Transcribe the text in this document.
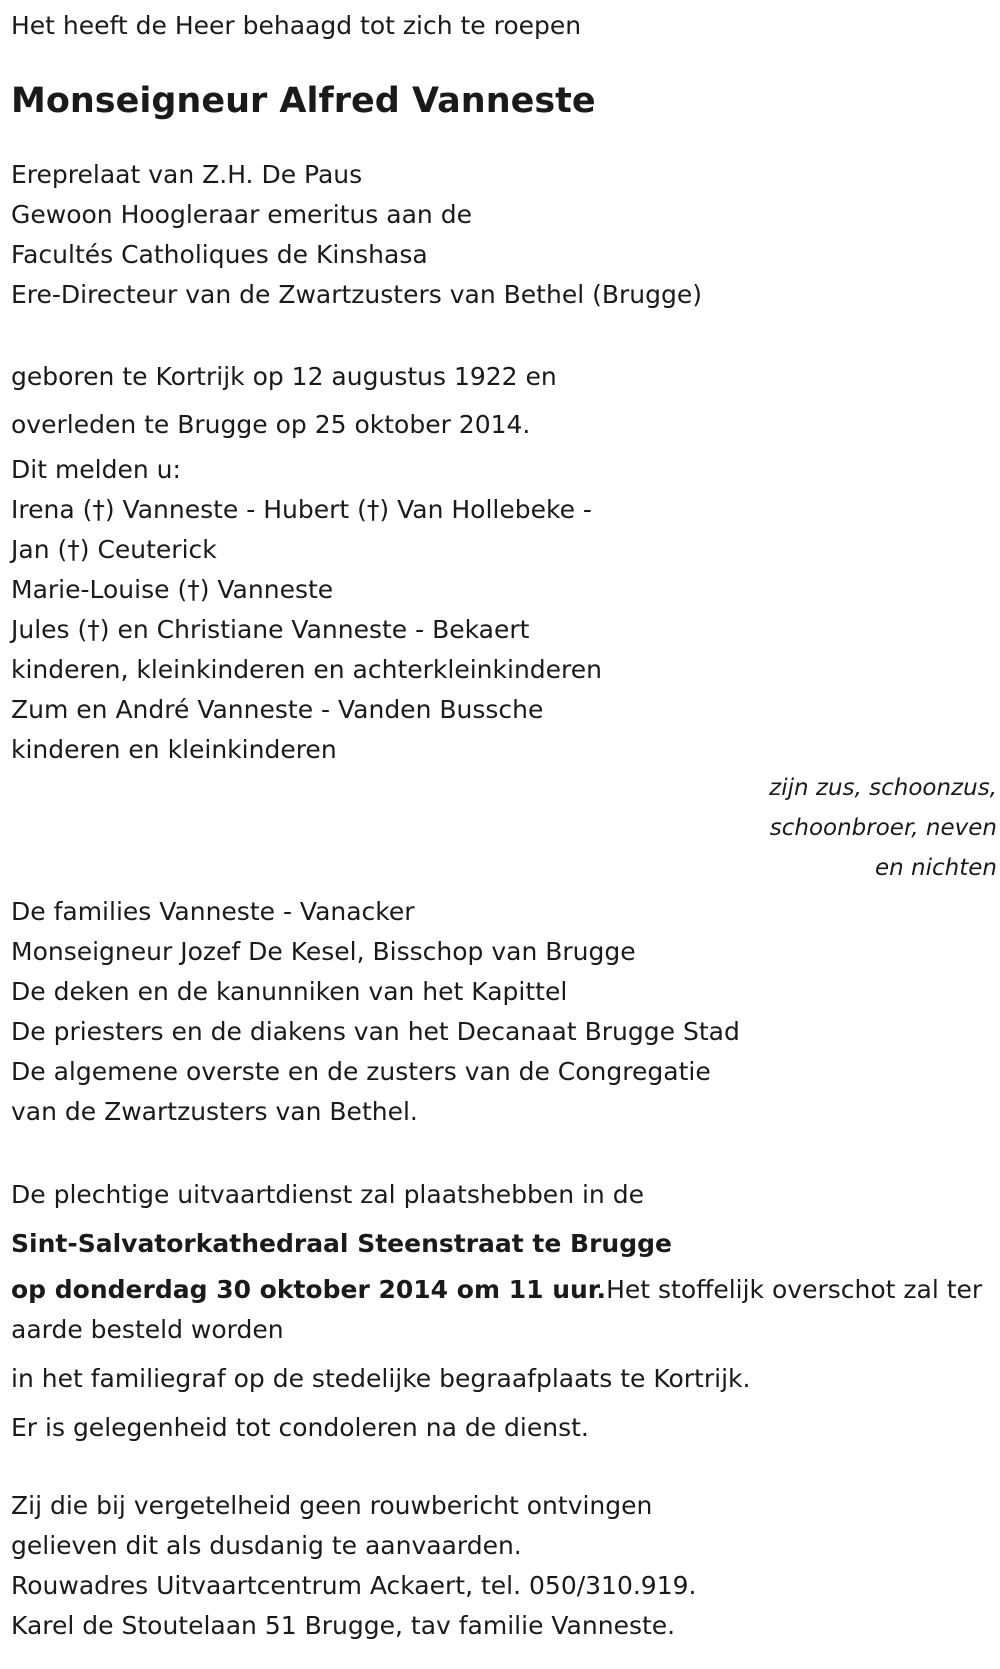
Het heeft de Heer behaagd tot zich te roepen
Monseigneur Alfred Vanneste
Ereprelaat van Z.H. De Paus
Gewoon Hoogleraar emeritus aan de
Facultés Catholiques de Kinshasa
Ere-Directeur van de Zwartzusters van Bethel (Brugge)
geboren te Kortrijk op 12 augustus 1922 en
overleden te Brugge op 25 oktober 2014.
Dit melden u:
Irena (†) Vanneste - Hubert (†) Van Hollebeke -
Jan (†) Ceuterick
Marie-Louise (†) Vanneste
Jules (†) en Christiane Vanneste - Bekaert
kinderen, kleinkinderen en achterkleinkinderen
Zum en André Vanneste - Vanden Bussche
kinderen en kleinkinderen
zijn zus, schoonzus,
schoonbroer, neven
en nichten
De families Vanneste - Vanacker
Monseigneur Jozef De Kesel, Bisschop van Brugge
De deken en de kanunniken van het Kapittel
De priesters en de diakens van het Decanaat Brugge Stad
De algemene overste en de zusters van de Congregatie
van de Zwartzusters van Bethel.
De plechtige uitvaartdienst zal plaatshebben in de
Sint-Salvatorkathedraal Steenstraat te Brugge
op donderdag 30 oktober 2014 om 11 uur.Het stoffelijk overschot zal ter aarde besteld worden
in het familiegraf op de stedelijke begraafplaats te Kortrijk.
Er is gelegenheid tot condoleren na de dienst.
Zij die bij vergetelheid geen rouwbericht ontvingen
gelieven dit als dusdanig te aanvaarden.
Rouwadres Uitvaartcentrum Ackaert, tel. 050/310.919.
Karel de Stoutelaan 51 Brugge, tav familie Vanneste.
